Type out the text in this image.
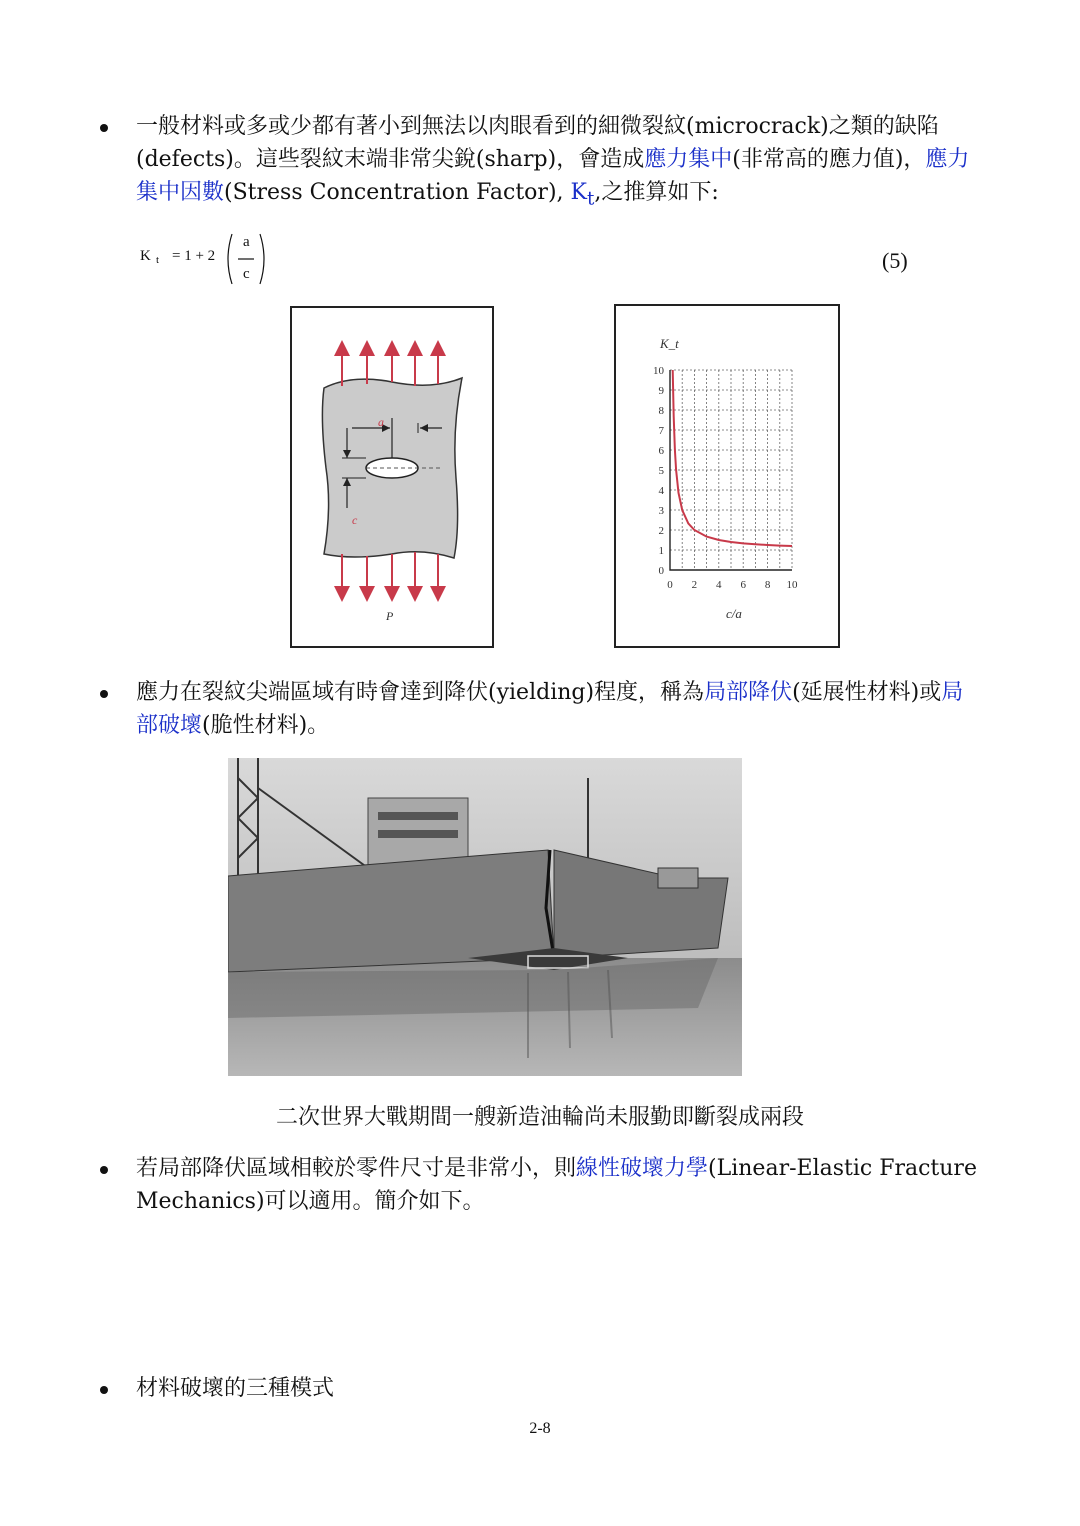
一般材料或多或少都有著小到無法以肉眼看到的細微裂紋(microcrack)之類的缺陷(defects)。這些裂紋末端非常尖銳(sharp)，會造成應力集中(非常高的應力值)，應力集中因數(Stress Concentration Factor), $K_t$,之推算如下:
K t = 1 + 2
a
c
(5)
a
c
P
0
1
2
3
4
5
6
7
8
9
10
0 2 4 6 8 10
K_t
c/a
應力在裂紋尖端區域有時會達到降伏(yielding)程度，稱為局部降伏(延展性材料)或局部破壞(脆性材料)。
二次世界大戰期間一艘新造油輪尚未服勤即斷裂成兩段
若局部降伏區域相較於零件尺寸是非常小，則線性破壞力學(Linear-Elastic Fracture Mechanics)可以適用。簡介如下。
材料破壞的三種模式
2-8
